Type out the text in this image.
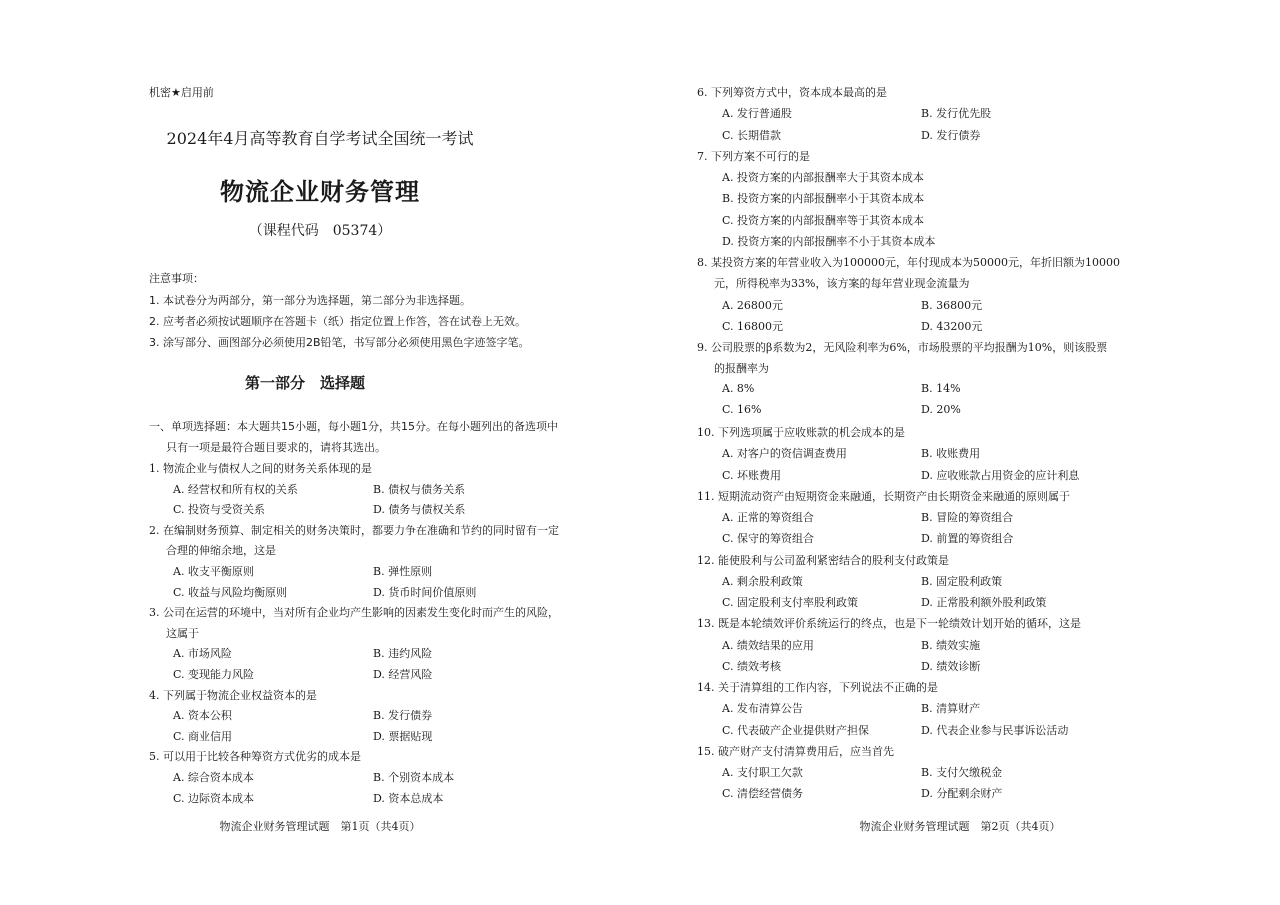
机密★启用前
2024年4月高等教育自学考试全国统一考试
物流企业财务管理
（课程代码　05374）
注意事项：
1. 本试卷分为两部分，第一部分为选择题，第二部分为非选择题。
2. 应考者必须按试题顺序在答题卡（纸）指定位置上作答，答在试卷上无效。
3. 涂写部分、画图部分必须使用2B铅笔，书写部分必须使用黑色字迹签字笔。
第一部分　选择题
一、单项选择题：本大题共15小题，每小题1分，共15分。在每小题列出的备选项中
只有一项是最符合题目要求的，请将其选出。
1. 物流企业与债权人之间的财务关系体现的是
A. 经营权和所有权的关系	B. 债权与债务关系
C. 投资与受资关系	D. 债务与债权关系
2. 在编制财务预算、制定相关的财务决策时，都要力争在准确和节约的同时留有一定
合理的伸缩余地，这是
A. 收支平衡原则	B. 弹性原则
C. 收益与风险均衡原则	D. 货币时间价值原则
3. 公司在运营的环境中，当对所有企业均产生影响的因素发生变化时而产生的风险，
这属于
A. 市场风险	B. 违约风险
C. 变现能力风险	D. 经营风险
4. 下列属于物流企业权益资本的是
A. 资本公积	B. 发行债券
C. 商业信用	D. 票据贴现
5. 可以用于比较各种筹资方式优劣的成本是
A. 综合资本成本	B. 个别资本成本
C. 边际资本成本	D. 资本总成本
物流企业财务管理试题　第1页（共4页）
6. 下列筹资方式中，资本成本最高的是
A. 发行普通股	B. 发行优先股
C. 长期借款	D. 发行债券
7. 下列方案不可行的是
A. 投资方案的内部报酬率大于其资本成本
B. 投资方案的内部报酬率小于其资本成本
C. 投资方案的内部报酬率等于其资本成本
D. 投资方案的内部报酬率不小于其资本成本
8. 某投资方案的年营业收入为100000元，年付现成本为50000元，年折旧额为10000
元，所得税率为33%，该方案的每年营业现金流量为
A. 26800元	B. 36800元
C. 16800元	D. 43200元
9. 公司股票的β系数为2，无风险利率为6%，市场股票的平均报酬为10%，则该股票
的报酬率为
A. 8%	B. 14%
C. 16%	D. 20%
10. 下列选项属于应收账款的机会成本的是
A. 对客户的资信调查费用	B. 收账费用
C. 坏账费用	D. 应收账款占用资金的应计利息
11. 短期流动资产由短期资金来融通，长期资产由长期资金来融通的原则属于
A. 正常的筹资组合	B. 冒险的筹资组合
C. 保守的筹资组合	D. 前置的筹资组合
12. 能使股利与公司盈利紧密结合的股利支付政策是
A. 剩余股利政策	B. 固定股利政策
C. 固定股利支付率股利政策	D. 正常股利额外股利政策
13. 既是本轮绩效评价系统运行的终点，也是下一轮绩效计划开始的循环，这是
A. 绩效结果的应用	B. 绩效实施
C. 绩效考核	D. 绩效诊断
14. 关于清算组的工作内容，下列说法不正确的是
A. 发布清算公告	B. 清算财产
C. 代表破产企业提供财产担保	D. 代表企业参与民事诉讼活动
15. 破产财产支付清算费用后，应当首先
A. 支付职工欠款	B. 支付欠缴税金
C. 清偿经营债务	D. 分配剩余财产
物流企业财务管理试题　第2页（共4页）
